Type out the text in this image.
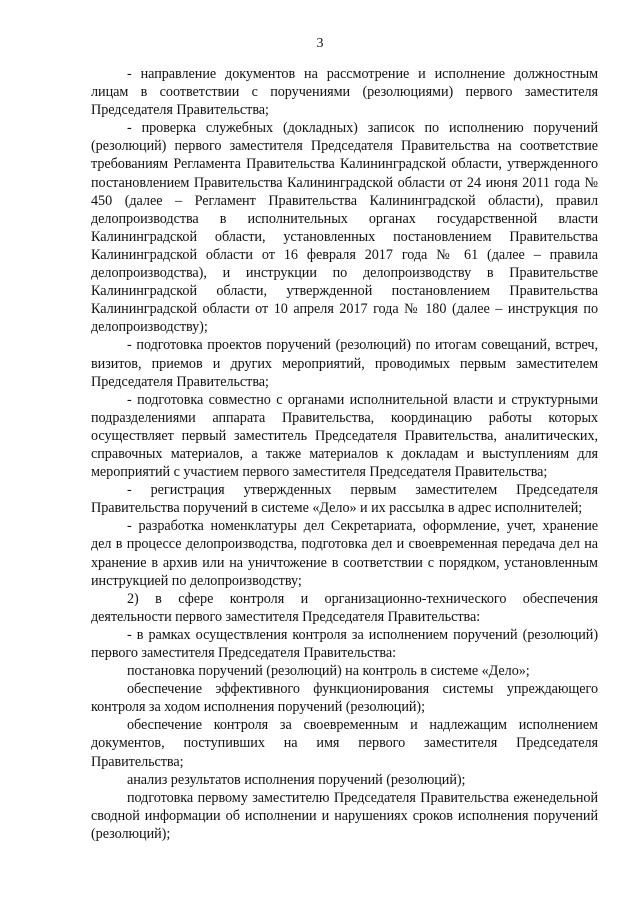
3

- направление документов на рассмотрение и исполнение должностным лицам в соответствии с поручениями (резолюциями) первого заместителя Председателя Правительства;

- проверка служебных (докладных) записок по исполнению поручений (резолюций) первого заместителя Председателя Правительства на соответствие требованиям Регламента Правительства Калининградской области, утвержденного постановлением Правительства Калининградской области от 24 июня 2011 года № 450 (далее – Регламент Правительства Калининградской области), правил делопроизводства в исполнительных органах государственной власти Калининградской области, установленных постановлением Правительства Калининградской области от 16 февраля 2017 года № 61 (далее – правила делопроизводства), и инструкции по делопроизводству в Правительстве Калининградской области, утвержденной постановлением Правительства Калининградской области от 10 апреля 2017 года № 180 (далее – инструкция по делопроизводству);

- подготовка проектов поручений (резолюций) по итогам совещаний, встреч, визитов, приемов и других мероприятий, проводимых первым заместителем Председателя Правительства;

- подготовка совместно с органами исполнительной власти и структурными подразделениями аппарата Правительства, координацию работы которых осуществляет первый заместитель Председателя Правительства, аналитических, справочных материалов, а также материалов к докладам и выступлениям для мероприятий с участием первого заместителя Председателя Правительства;

- регистрация утвержденных первым заместителем Председателя Правительства поручений в системе «Дело» и их рассылка в адрес исполнителей;

- разработка номенклатуры дел Секретариата, оформление, учет, хранение дел в процессе делопроизводства, подготовка дел и своевременная передача дел на хранение в архив или на уничтожение в соответствии с порядком, установленным инструкцией по делопроизводству;

2) в сфере контроля и организационно-технического обеспечения деятельности первого заместителя Председателя Правительства:

- в рамках осуществления контроля за исполнением поручений (резолюций) первого заместителя Председателя Правительства:

постановка поручений (резолюций) на контроль в системе «Дело»;

обеспечение эффективного функционирования системы упреждающего контроля за ходом исполнения поручений (резолюций);

обеспечение контроля за своевременным и надлежащим исполнением документов, поступивших на имя первого заместителя Председателя Правительства;

анализ результатов исполнения поручений (резолюций);

подготовка первому заместителю Председателя Правительства еженедельной сводной информации об исполнении и нарушениях сроков исполнения поручений (резолюций);
